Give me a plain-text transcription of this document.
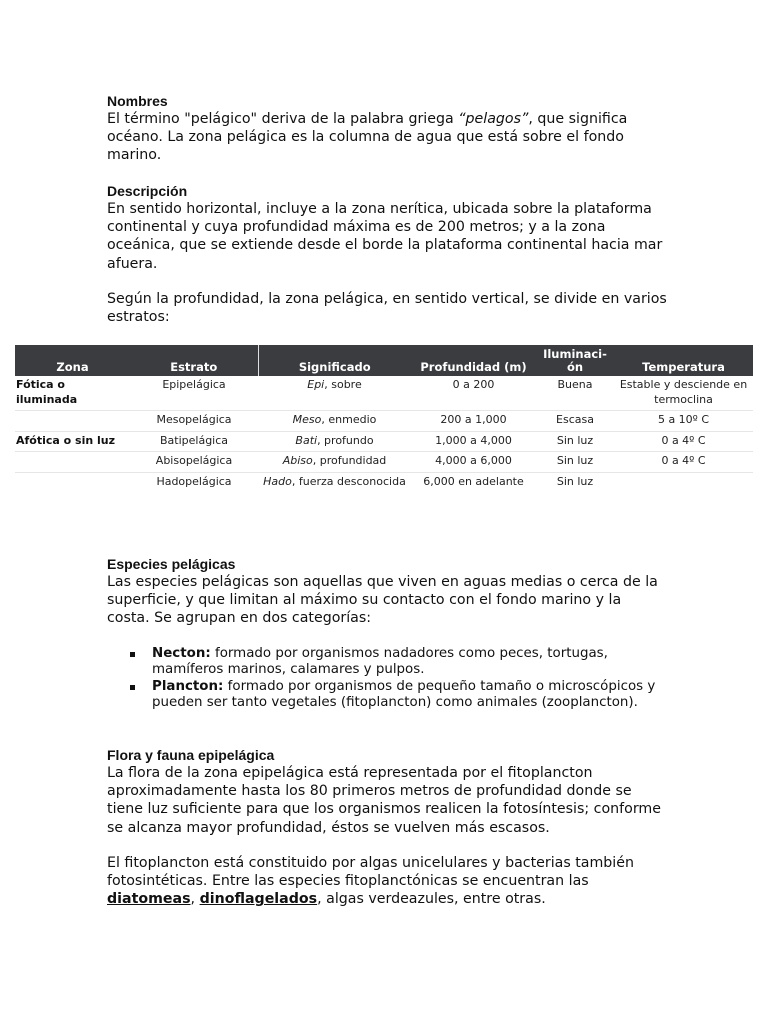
Nombres

El término "pelágico" deriva de la palabra griega “pelagos”, que significa océano. La zona pelágica es la columna de agua que está sobre el fondo marino.

Descripción

En sentido horizontal, incluye a la zona nerítica, ubicada sobre la plataforma continental y cuya profundidad máxima es de 200 metros; y a la zona oceánica, que se extiende desde el borde la plataforma continental hacia mar afuera.

Según la profundidad, la zona pelágica, en sentido vertical, se divide en varios estratos:

Zona	Estrato	Significado	Profundidad (m)	Iluminación	Temperatura
Fótica o iluminada	Epipelágica	Epi, sobre	0 a 200	Buena	Estable y desciende en termoclina
	Mesopelágica	Meso, enmedio	200 a 1,000	Escasa	5 a 10º C
Afótica o sin luz	Batipelágica	Bati, profundo	1,000 a 4,000	Sin luz	0 a 4º C
	Abisopelágica	Abiso, profundidad	4,000 a 6,000	Sin luz	0 a 4º C
	Hadopelágica	Hado, fuerza desconocida	6,000 en adelante	Sin luz	
Especies pelágicas

Las especies pelágicas son aquellas que viven en aguas medias o cerca de la superficie, y que limitan al máximo su contacto con el fondo marino y la costa. Se agrupan en dos categorías:

Necton: formado por organismos nadadores como peces, tortugas, mamíferos marinos, calamares y pulpos.
Plancton: formado por organismos de pequeño tamaño o microscópicos y pueden ser tanto vegetales (fitoplancton) como animales (zooplancton).
Flora y fauna epipelágica

La flora de la zona epipelágica está representada por el fitoplancton aproximadamente hasta los 80 primeros metros de profundidad donde se tiene luz suficiente para que los organismos realicen la fotosíntesis; conforme se alcanza mayor profundidad, éstos se vuelven más escasos.

El fitoplancton está constituido por algas unicelulares y bacterias también fotosintéticas. Entre las especies fitoplanctónicas se encuentran las diatomeas, dinoflagelados, algas verdeazules, entre otras.
